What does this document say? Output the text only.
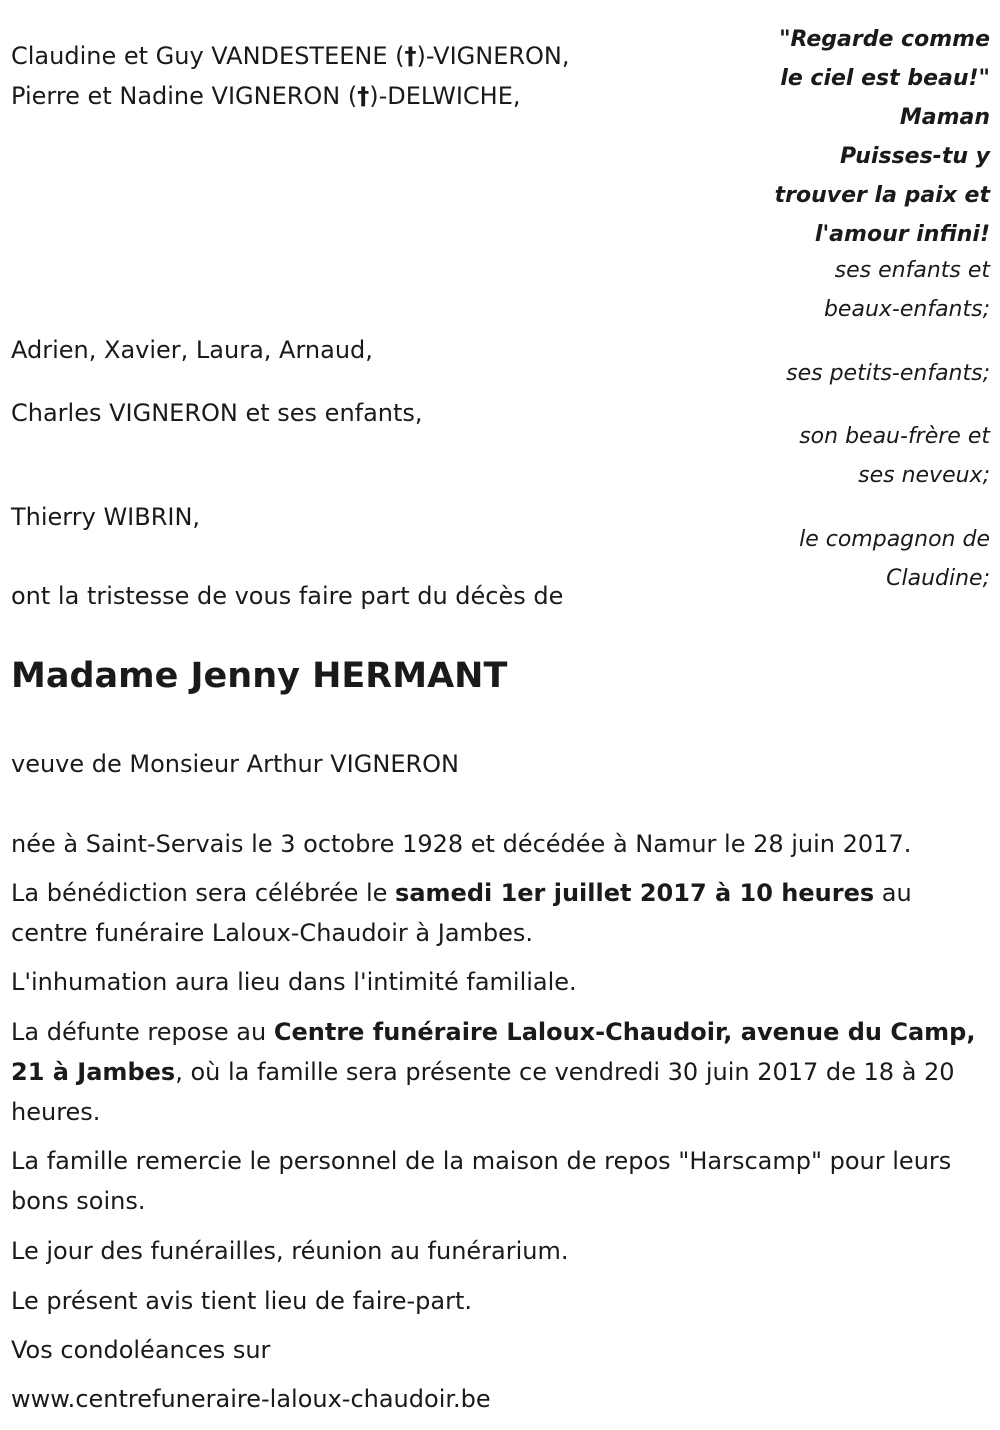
Claudine et Guy VANDESTEENE (†)-VIGNERON,
Pierre et Nadine VIGNERON (†)-DELWICHE,
Adrien, Xavier, Laura, Arnaud,
Charles VIGNERON et ses enfants,
Thierry WIBRIN,
ont la tristesse de vous faire part du décès de
"Regarde comme
le ciel est beau!"
Maman
Puisses-tu y
trouver la paix et
l'amour infini!
ses enfants et
beaux-enfants;
ses petits-enfants;
son beau-frère et
ses neveux;
le compagnon de
Claudine;
Madame Jenny HERMANT
veuve de Monsieur Arthur VIGNERON
née à Saint-Servais le 3 octobre 1928 et décédée à Namur le 28 juin 2017.
La bénédiction sera célébrée le samedi 1er juillet 2017 à 10 heures au centre funéraire Laloux-Chaudoir à Jambes.
L'inhumation aura lieu dans l'intimité familiale.
La défunte repose au Centre funéraire Laloux-Chaudoir, avenue du Camp, 21 à Jambes, où la famille sera présente ce vendredi 30 juin 2017 de 18 à 20 heures.
La famille remercie le personnel de la maison de repos "Harscamp" pour leurs bons soins.
Le jour des funérailles, réunion au funérarium.
Le présent avis tient lieu de faire-part.
Vos condoléances sur
www.centrefuneraire-laloux-chaudoir.be
